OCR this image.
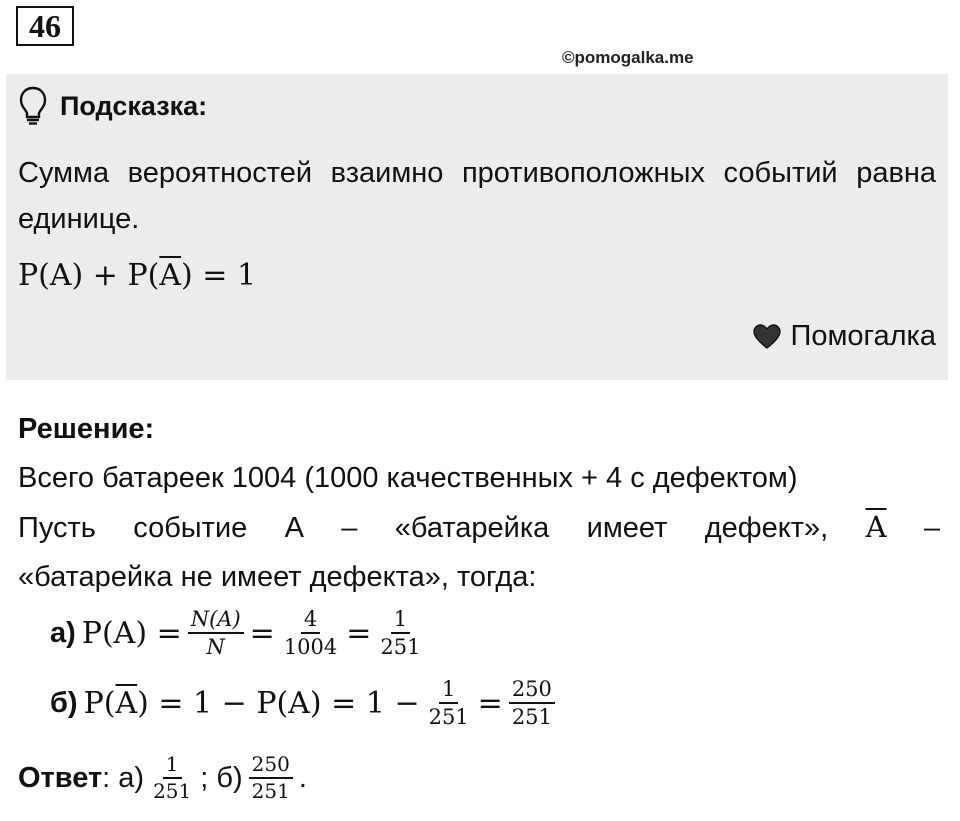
46
©pomogalka.me
Подсказка:
Сумма вероятностей взаимно противоположных событий равна единице.
$P(A) + P(\overline{A}) = 1$
Помогалка
Решение:
Всего батареек 1004 (1000 качественных + 4 с дефектом)
Пусть событие А – «батарейка имеет дефект», $\overline{A}$ –
«батарейка не имеет дефекта», тогда:
а) $P(A) = \frac{N(A)}{N} = \frac{4}{1004} = \frac{1}{251}$
б) P( $\overline{A}$ ) = $1 - P(A) = 1 - \frac{1}{251} = \frac{250}{251}$
Ответ :
$а) \frac{1}{251}$ ;
$б) \frac{250}{251}$ .
